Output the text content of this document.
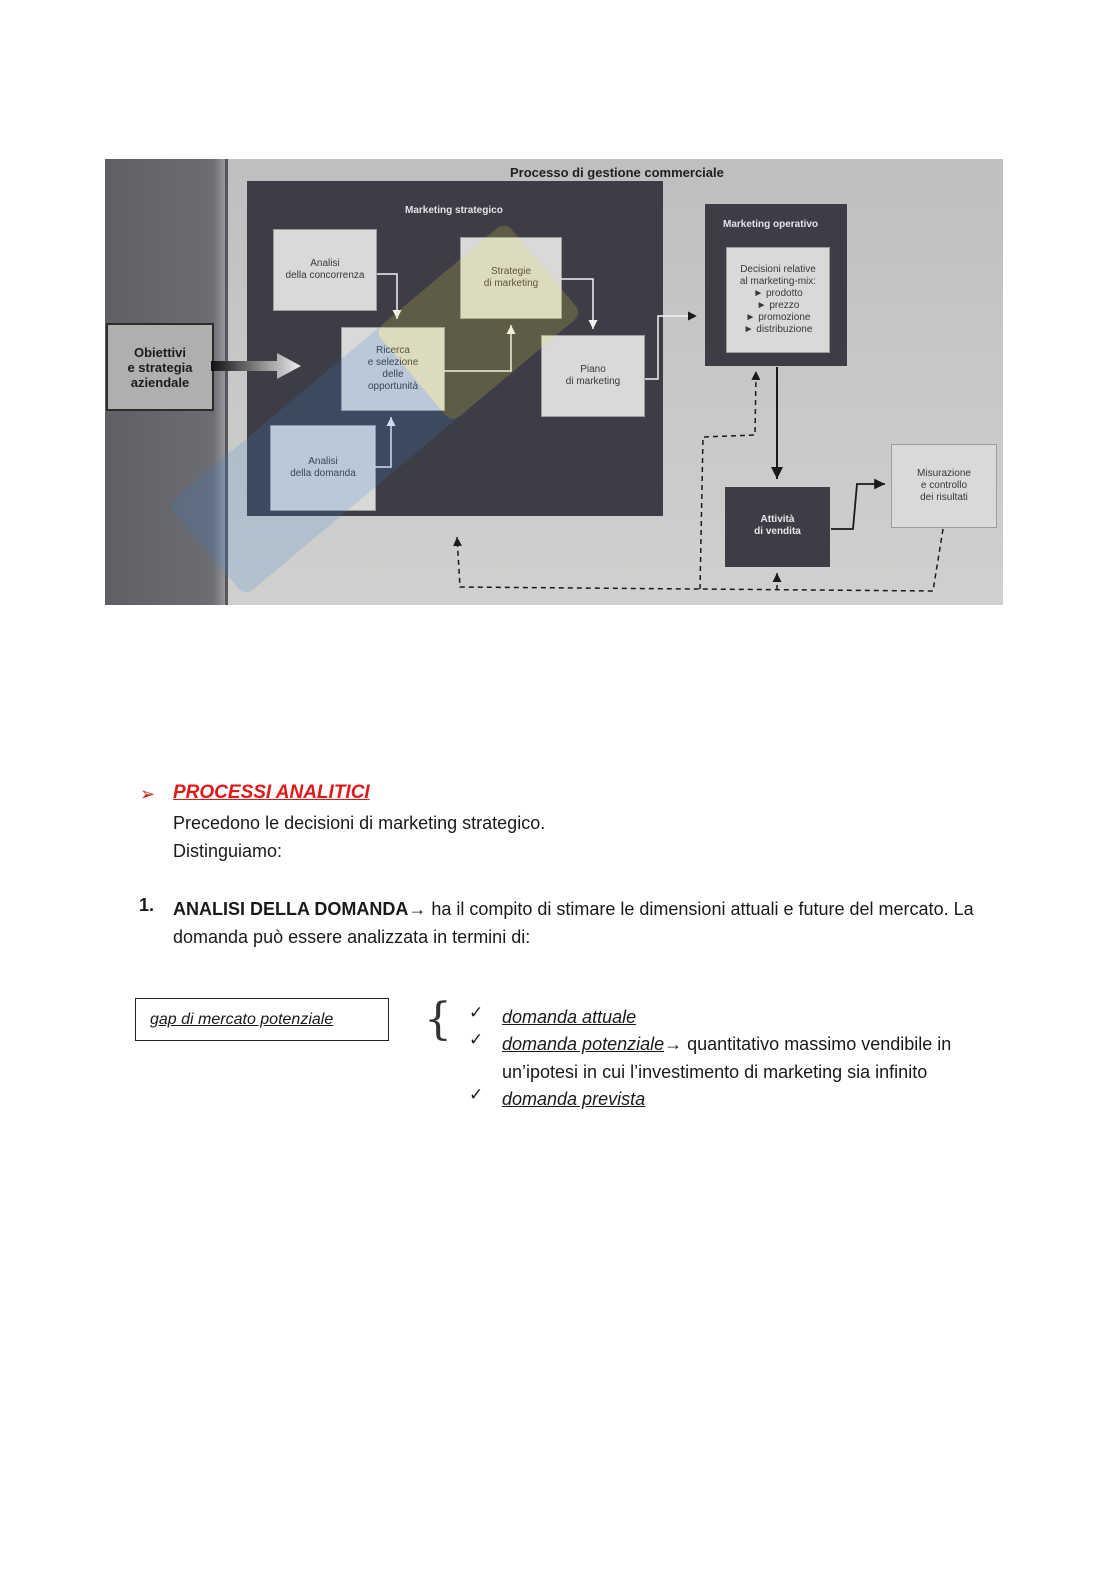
Processo di gestione commerciale
Marketing strategico
Marketing operativo
Attività
di vendita
Analisi
della concorrenza	Strategie
di marketing
Ricerca
e selezione
delle
opportunità
Piano
di marketing
Analisi
della domanda
Decisioni relative
al marketing-mix:
► prodotto
► prezzo
► promozione
► distribuzione
Misurazione
e controllo
dei risultati
Obiettivi
e strategia
aziendale
➢ PROCESSI ANALITICI
Precedono le decisioni di marketing strategico.
Distinguiamo:
1. ANALISI DELLA DOMANDA→ ha il compito di stimare le dimensioni attuali e future del mercato. La
domanda può essere analizzata in termini di:
gap di mercato potenziale	{ ✓ domanda attuale
✓ domanda potenziale→ quantitativo massimo vendibile in
un’ipotesi in cui l’investimento di marketing sia infinito
✓ domanda prevista
